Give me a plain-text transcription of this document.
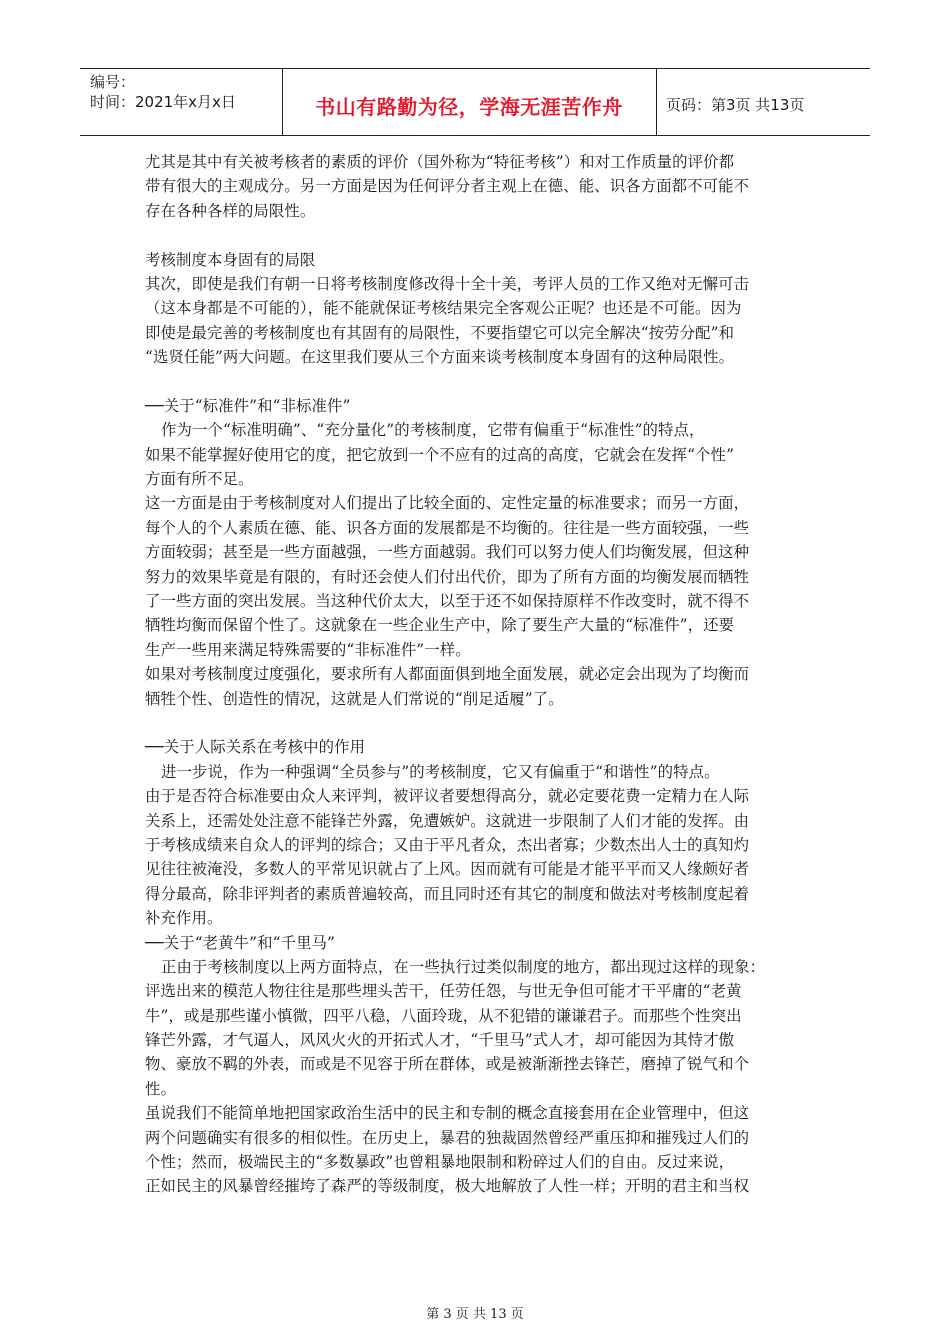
编号：
时间：2021年x月x日	书山有路勤为径，学海无涯苦作舟	页码：第3页 共13页
尤其是其中有关被考核者的素质的评价（国外称为“特征考核”）和对工作质量的评价都
带有很大的主观成分。另一方面是因为任何评分者主观上在德、能、识各方面都不可能不
存在各种各样的局限性。
考核制度本身固有的局限
其次，即使是我们有朝一日将考核制度修改得十全十美，考评人员的工作又绝对无懈可击
（这本身都是不可能的），能不能就保证考核结果完全客观公正呢？也还是不可能。因为
即使是最完善的考核制度也有其固有的局限性，不要指望它可以完全解决“按劳分配”和
“选贤任能”两大问题。在这里我们要从三个方面来谈考核制度本身固有的这种局限性。
──关于“标准件”和“非标准件”
作为一个“标准明确”、“充分量化”的考核制度，它带有偏重于“标准性”的特点，
如果不能掌握好使用它的度，把它放到一个不应有的过高的高度，它就会在发挥“个性”
方面有所不足。
这一方面是由于考核制度对人们提出了比较全面的、定性定量的标准要求；而另一方面，
每个人的个人素质在德、能、识各方面的发展都是不均衡的。往往是一些方面较强，一些
方面较弱；甚至是一些方面越强，一些方面越弱。我们可以努力使人们均衡发展，但这种
努力的效果毕竟是有限的，有时还会使人们付出代价，即为了所有方面的均衡发展而牺牲
了一些方面的突出发展。当这种代价太大，以至于还不如保持原样不作改变时，就不得不
牺牲均衡而保留个性了。这就象在一些企业生产中，除了要生产大量的“标准件”，还要
生产一些用来满足特殊需要的“非标准件”一样。
如果对考核制度过度强化，要求所有人都面面俱到地全面发展，就必定会出现为了均衡而
牺牲个性、创造性的情况，这就是人们常说的“削足适履”了。
──关于人际关系在考核中的作用
进一步说，作为一种强调“全员参与”的考核制度，它又有偏重于“和谐性”的特点。
由于是否符合标准要由众人来评判，被评议者要想得高分，就必定要花费一定精力在人际
关系上，还需处处注意不能锋芒外露，免遭嫉妒。这就进一步限制了人们才能的发挥。由
于考核成绩来自众人的评判的综合；又由于平凡者众，杰出者寡；少数杰出人士的真知灼
见往往被淹没，多数人的平常见识就占了上风。因而就有可能是才能平平而又人缘颇好者
得分最高，除非评判者的素质普遍较高，而且同时还有其它的制度和做法对考核制度起着
补充作用。
──关于“老黄牛”和“千里马”
正由于考核制度以上两方面特点，在一些执行过类似制度的地方，都出现过这样的现象：
评选出来的模范人物往往是那些埋头苦干，任劳任怨，与世无争但可能才干平庸的“老黄
牛”，或是那些谨小慎微，四平八稳，八面玲珑，从不犯错的谦谦君子。而那些个性突出
锋芒外露，才气逼人，风风火火的开拓式人才，“千里马”式人才，却可能因为其恃才傲
物、豪放不羁的外表，而或是不见容于所在群体，或是被渐渐挫去锋芒，磨掉了锐气和个
性。
虽说我们不能简单地把国家政治生活中的民主和专制的概念直接套用在企业管理中，但这
两个问题确实有很多的相似性。在历史上，暴君的独裁固然曾经严重压抑和摧残过人们的
个性；然而，极端民主的“多数暴政”也曾粗暴地限制和粉碎过人们的自由。反过来说，
正如民主的风暴曾经摧垮了森严的等级制度，极大地解放了人性一样；开明的君主和当权
第 3 页 共 13 页
